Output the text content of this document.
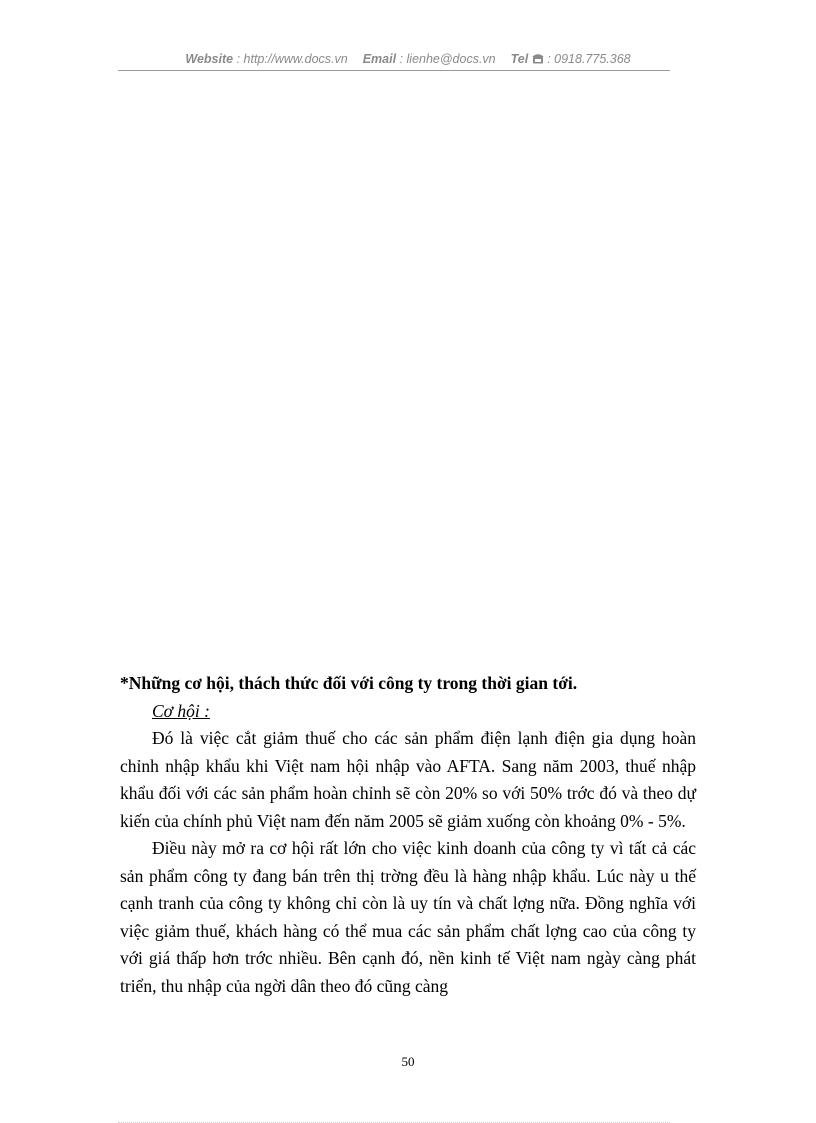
Website : http://www.docs.vn Email : lienhe@docs.vn Tel : 0918.775.368

*Những cơ hội, thách thức đối với công ty trong thời gian tới.

Cơ hội :

Đó là việc cắt giảm thuế cho các sản phẩm điện lạnh điện gia dụng hoàn chỉnh nhập khẩu khi Việt nam hội nhập vào AFTA. Sang năm 2003, thuế nhập khẩu đối với các sản phẩm hoàn chỉnh sẽ còn 20% so với 50% trớc đó và theo dự kiến của chính phủ Việt nam đến năm 2005 sẽ giảm xuống còn khoảng 0% - 5%.

Điều này mở ra cơ hội rất lớn cho việc kinh doanh của công ty vì tất cả các sản phẩm công ty đang bán trên thị trờng đều là hàng nhập khẩu. Lúc này u thế cạnh tranh của công ty không chỉ còn là uy tín và chất lợng nữa. Đồng nghĩa với việc giảm thuế, khách hàng có thể mua các sản phẩm chất lợng cao của công ty với giá thấp hơn trớc nhiều. Bên cạnh đó, nền kinh tế Việt nam ngày càng phát triển, thu nhập của ngời dân theo đó cũng càng

50
